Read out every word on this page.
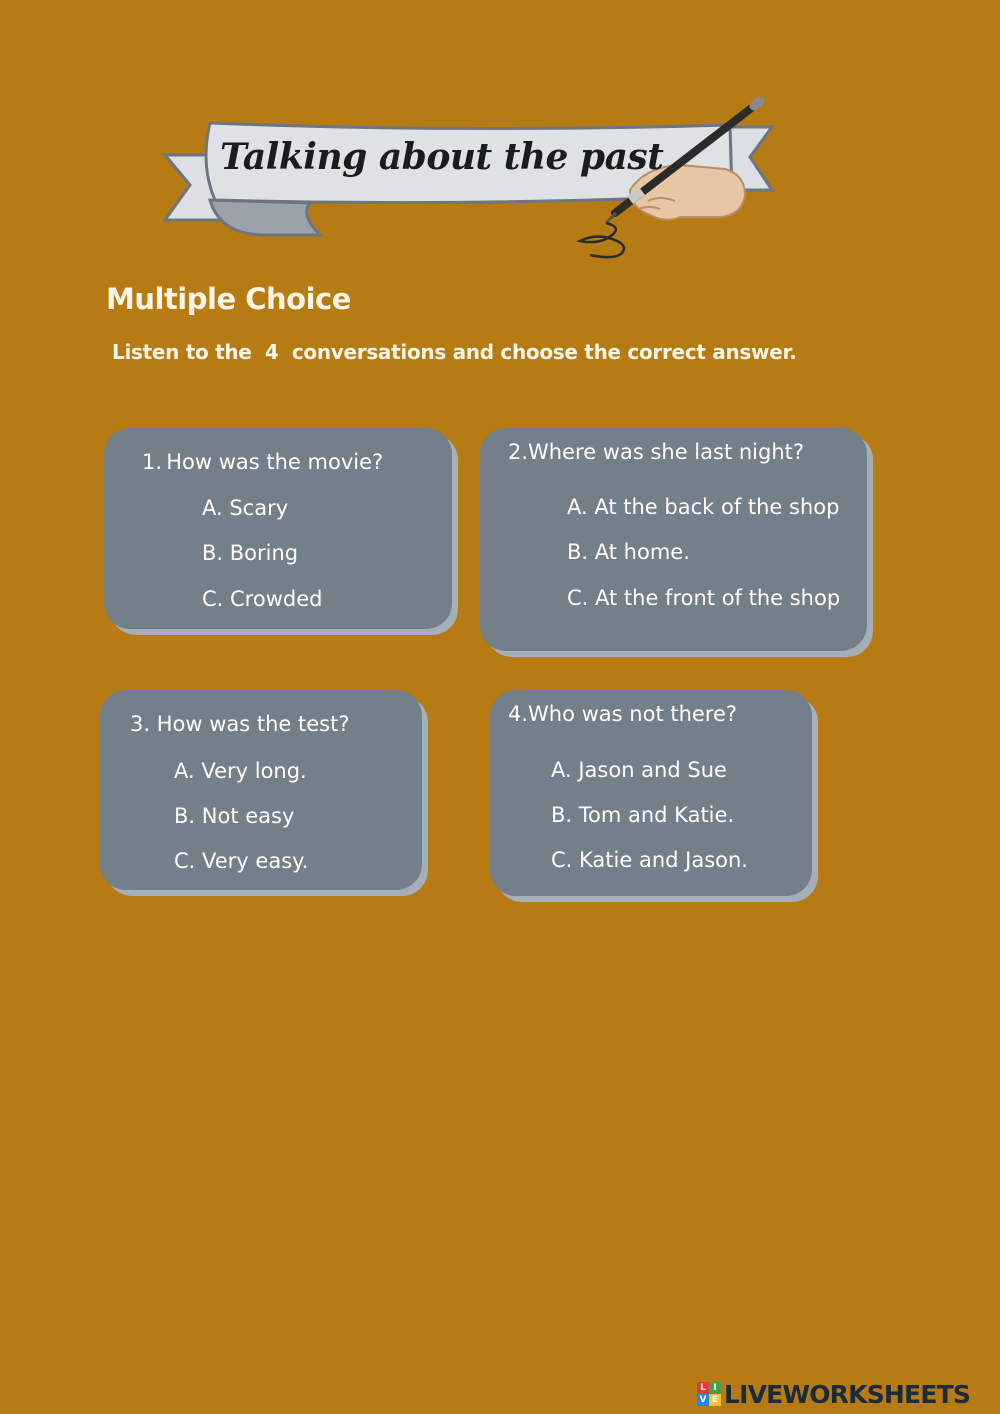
Talking about the past
Multiple Choice
Listen to the  4  conversations and choose the correct answer.
1. How was the movie?
A. Scary
B. Boring
C. Crowded
2.Where was she last night?
A. At the back of the shop
B. At home.
C. At the front of the shop
3. How was the test?
A. Very long.
B. Not easy
C. Very easy.
4.Who was not there?
A. Jason and Sue
B. Tom and Katie.
C. Katie and Jason.
L I
V E LIVEWORKSHEETS
